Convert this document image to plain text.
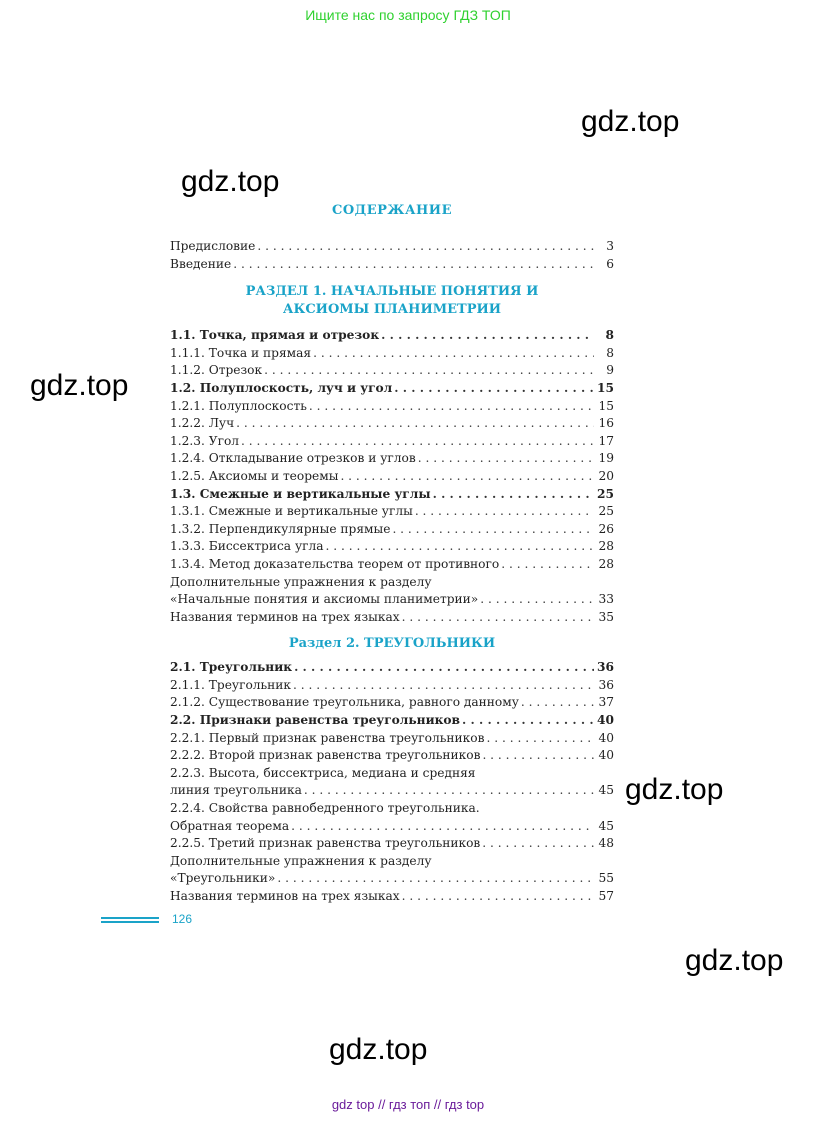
Ищите нас по запросу ГДЗ ТОП
gdz.top
gdz.top
gdz.top
gdz.top
gdz.top
gdz.top
СОДЕРЖАНИЕ
Предисловие . . .	3
Введение . . .	6
РАЗДЕЛ 1. НАЧАЛЬНЫЕ ПОНЯТИЯ И
АКСИОМЫ ПЛАНИМЕТРИИ
1.1. Точка, прямая и отрезок . . .	8
1.1.1. Точка и прямая . . .	8
1.1.2. Отрезок . . .	9
1.2. Полуплоскость, луч и угол . . .	15
1.2.1. Полуплоскость . . .	15
1.2.2. Луч . . .	16
1.2.3. Угол . . .	17
1.2.4. Откладывание отрезков и углов . . .	19
1.2.5. Аксиомы и теоремы . . .	20
1.3. Смежные и вертикальные углы . . .	25
1.3.1. Смежные и вертикальные углы . . .	25
1.3.2. Перпендикулярные прямые . . .	26
1.3.3. Биссектриса угла . . .	28
1.3.4. Метод доказательства теорем от противного . . .	28
Дополнительные упражнения к разделу
«Начальные понятия и аксиомы планиметрии» . . .	33
Названия терминов на трех языках . . .	35
Раздел 2. ТРЕУГОЛЬНИКИ
2.1. Треугольник . . .	36
2.1.1. Треугольник . . .	36
2.1.2. Существование треугольника, равного данному . . .	37
2.2. Признаки равенства треугольников . . .	40
2.2.1. Первый признак равенства треугольников . . .	40
2.2.2. Второй признак равенства треугольников . . .	40
2.2.3. Высота, биссектриса, медиана и средняя
линия треугольника . . .	45
2.2.4. Свойства равнобедренного треугольника.
Обратная теорема . . .	45
2.2.5. Третий признак равенства треугольников . . .	48
Дополнительные упражнения к разделу
«Треугольники» . . .	55
Названия терминов на трех языках . . .	57
126
gdz top // гдз топ // гдз top
